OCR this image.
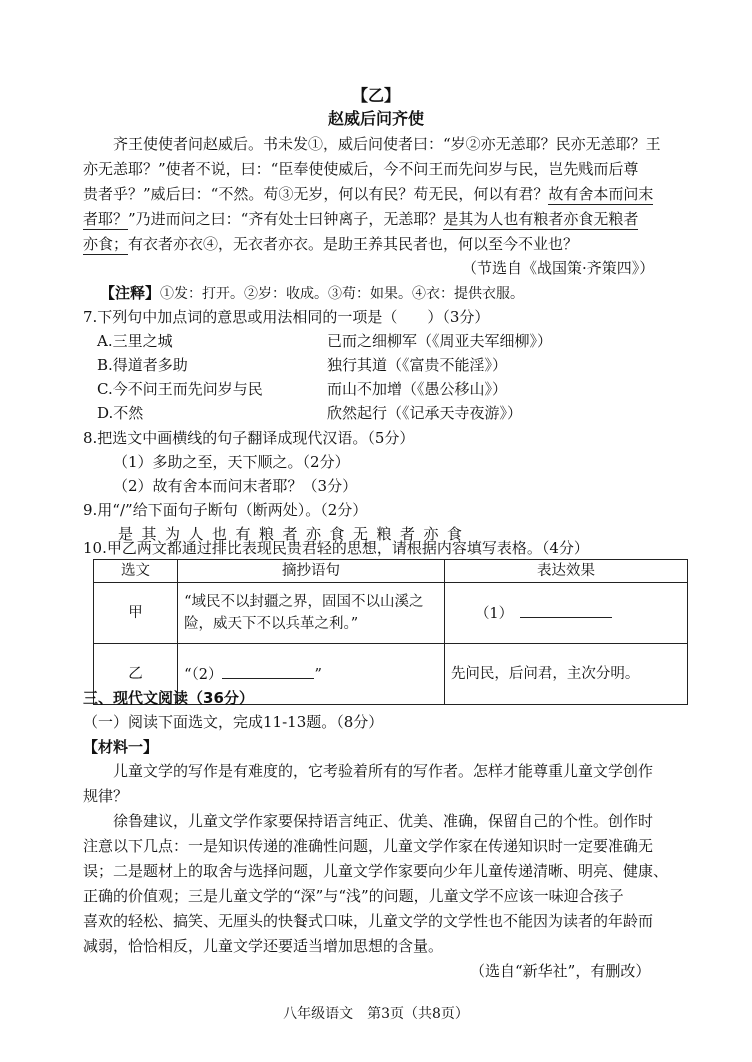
【乙】
赵威后问齐使
齐王使使者问赵威后。书未发①，威后问使者曰：“岁②亦无恙耶？民亦无恙耶？王
亦无恙耶？”使者不说，曰：“臣奉使使威后，今不问王而先问岁与民，岂先贱而后尊
贵者乎？”威后曰：“不然。苟③无岁，何以有民？苟无民，何以有君？故有舍本而问末
者耶？”乃进而问之曰：“齐有处士曰钟离子，无恙耶？是其为人也有粮者亦食无粮者
亦食；有衣者亦衣④，无衣者亦衣。是助王养其民者也，何以至今不业也？
（节选自《战国策·齐策四》）
【注释】①发：打开。②岁：收成。③苟：如果。④衣：提供衣服。
7.下列句中加点词的意思或用法相同的一项是（　　）（3分）
A.三里之城	已而之细柳军（《周亚夫军细柳》）
B.得道者多助	独行其道（《富贵不能淫》）
C.今不问王而先问岁与民	而山不加增（《愚公移山》）
D.不然	欣然起行（《记承天寺夜游》）
8.把选文中画横线的句子翻译成现代汉语。（5分）
（1）多助之至，天下顺之。（2分）
（2）故有舍本而问末者耶？（3分）
9.用“/”给下面句子断句（断两处）。（2分）
是其为人也有粮者亦食无粮者亦食
10.甲乙两文都通过排比表现民贵君轻的思想，请根据内容填写表格。（4分）
选文	摘抄语句	表达效果
甲	“域民不以封疆之界，固国不以山溪之险，威天下不以兵革之利。”	（1）　
乙	“（2） ”	先问民，后问君，主次分明。
三、现代文阅读（36分）
（一）阅读下面选文，完成11-13题。（8分）
【材料一】
儿童文学的写作是有难度的，它考验着所有的写作者。怎样才能尊重儿童文学创作
规律？
徐鲁建议，儿童文学作家要保持语言纯正、优美、准确，保留自己的个性。创作时
注意以下几点：一是知识传递的准确性问题，儿童文学作家在传递知识时一定要准确无
误；二是题材上的取舍与选择问题，儿童文学作家要向少年儿童传递清晰、明亮、健康、
正确的价值观；三是儿童文学的“深”与“浅”的问题，儿童文学不应该一味迎合孩子
喜欢的轻松、搞笑、无厘头的快餐式口味，儿童文学的文学性也不能因为读者的年龄而
减弱，恰恰相反，儿童文学还要适当增加思想的含量。
（选自“新华社”，有删改）
八年级语文　第3页（共8页）
